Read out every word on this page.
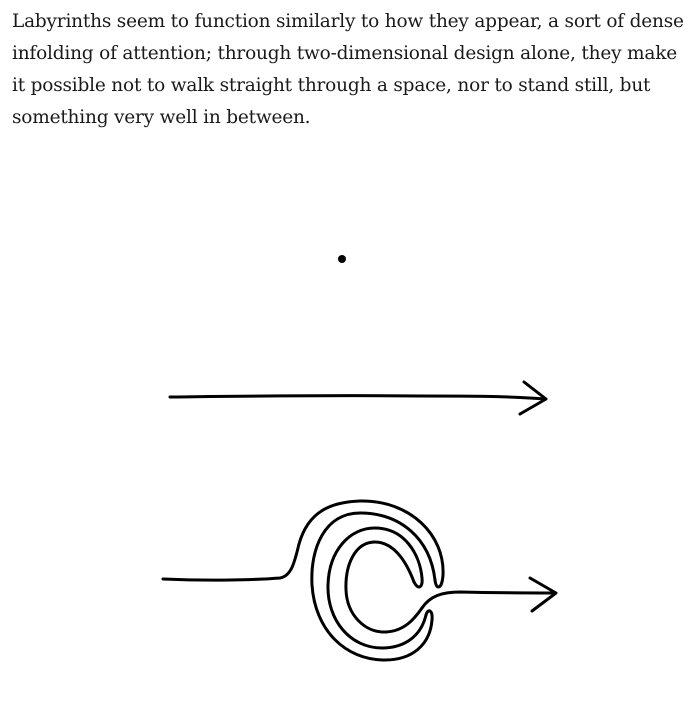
Labyrinths seem to function similarly to how they appear, a sort of dense infolding of attention; through two-dimensional design alone, they make it possible not to walk straight through a space, nor to stand still, but something very well in between.
